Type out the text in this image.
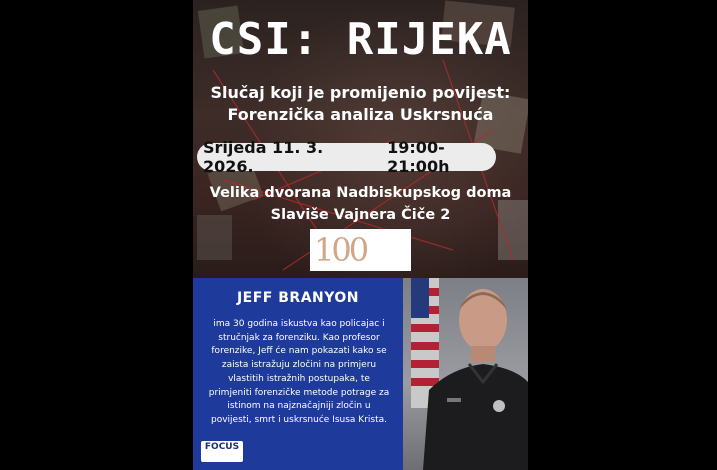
CSI: RIJEKA
Slučaj koji je promijenio povijest:
Forenzička analiza Uskrsnuća
Srijeda 11. 3. 2026.
19:00-21:00h
Velika dvorana Nadbiskupskog doma
Slaviše Vajnera Čiče 2
100
JEFF BRANYON
ima 30 godina iskustva kao policajac i
stručnjak za forenziku. Kao profesor
forenzike, Jeff će nam pokazati kako se
zaista istražuju zločini na primjeru
vlastitih istražnih postupaka, te
primjeniti forenzičke metode potrage za
istinom na najznačajniji zločin u
povijesti, smrt i uskrsnuće Isusa Krista.
FOCUS
